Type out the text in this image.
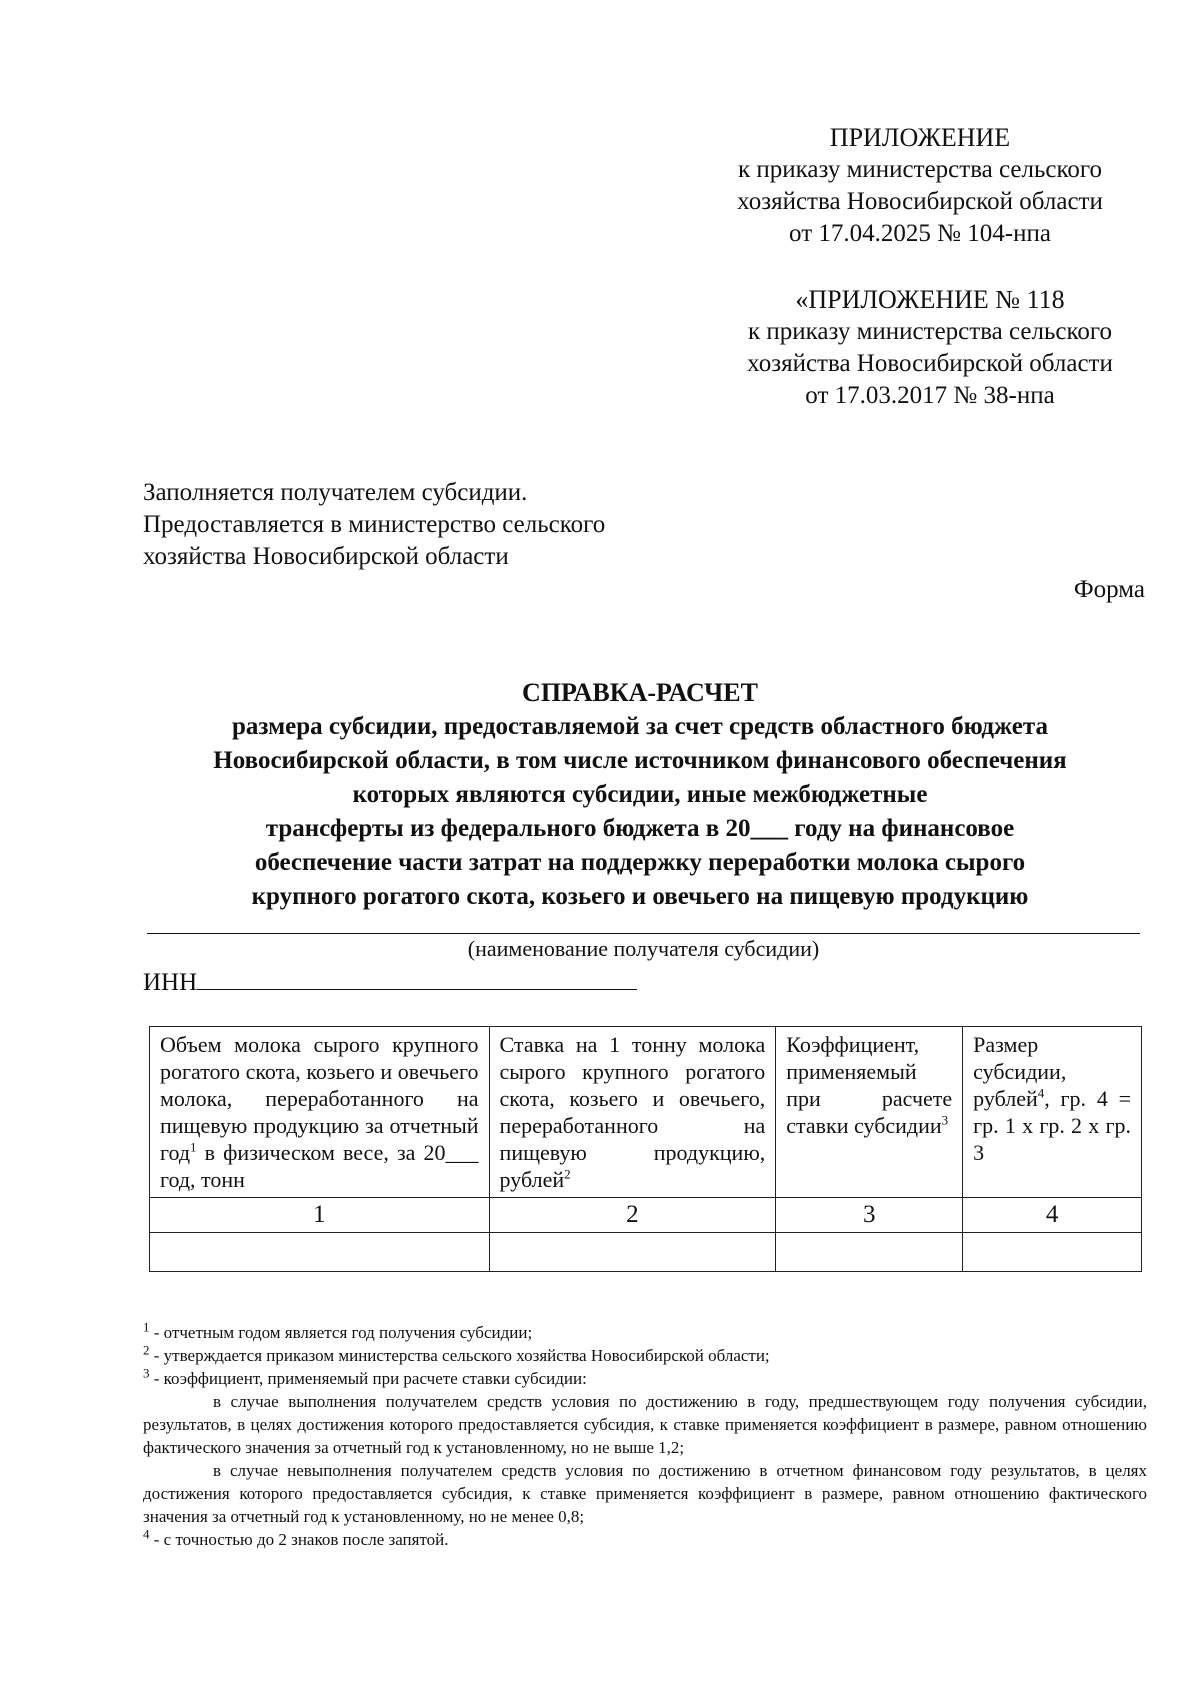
ПРИЛОЖЕНИЕ
к приказу министерства сельского
хозяйства Новосибирской области
от 17.04.2025 № 104-нпа
«ПРИЛОЖЕНИЕ № 118
к приказу министерства сельского
хозяйства Новосибирской области
от 17.03.2017 № 38-нпа
Заполняется получателем субсидии.
Предоставляется в министерство сельского
хозяйства Новосибирской области
Форма
СПРАВКА-РАСЧЕТ
размера субсидии, предоставляемой за счет средств областного бюджета
Новосибирской области, в том числе источником финансового обеспечения
которых являются субсидии, иные межбюджетные
трансферты из федерального бюджета в 20___ году на финансовое
обеспечение части затрат на поддержку переработки молока сырого
крупного рогатого скота, козьего и овечьего на пищевую продукцию
(наименование получателя субсидии)
ИНН
Объем молока сырого крупного рогатого скота, козьего и овечьего молока, переработанного на пищевую продукцию за отчетный год$^1$ в физическом весе, за 20___ год, тонн	Ставка на 1 тонну молока сырого крупного рогатого скота, козьего и овечьего, переработанного на пищевую продукцию, рублей$^2$	Коэффициент, применяемый при расчете ставки субсидии$^3$	Размер субсидии, рублей$^4$, гр. 4 = гр. 1 x гр. 2 x гр. 3
1	2	3	4

$^1$ - отчетным годом является год получения субсидии;

$^2$ - утверждается приказом министерства сельского хозяйства Новосибирской области;

$^3$ - коэффициент, применяемый при расчете ставки субсидии:

в случае выполнения получателем средств условия по достижению в году, предшествующем году получения субсидии, результатов, в целях достижения которого предоставляется субсидия, к ставке применяется коэффициент в размере, равном отношению фактического значения за отчетный год к установленному, но не выше 1,2;

в случае невыполнения получателем средств условия по достижению в отчетном финансовом году результатов, в целях достижения которого предоставляется субсидия, к ставке применяется коэффициент в размере, равном отношению фактического значения за отчетный год к установленному, но не менее 0,8;

$^4$ - с точностью до 2 знаков после запятой.
